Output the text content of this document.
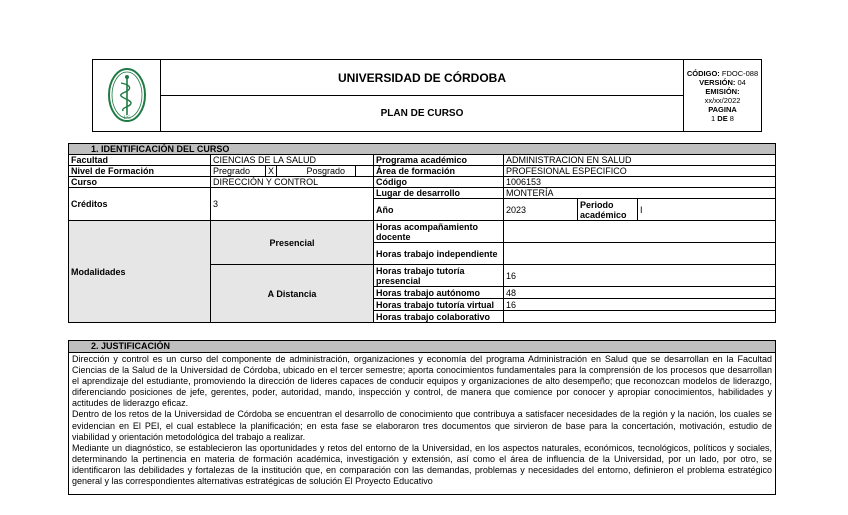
UC
	UNIVERSIDAD DE CÓRDOBA	CÓDIGO: FDOC-088
VERSIÓN: 04
EMISIÓN:
xx/xx/2022
PAGINA
1 DE 8

PLAN DE CURSO
1. IDENTIFICACIÓN DEL CURSO									
Facultad	CIENCIAS DE LA SALUD					Programa académico	ADMINISTRACION EN SALUD		
Nivel de Formación	Pregrado	X		Posgrado		Área de formación	PROFESIONAL ESPECIFICO		
Curso	DIRECCIÓN Y CONTROL					Código	1006153		
Créditos	3					Lugar de desarrollo	MONTERÍA		
						Año	2023	Periodo académico	I
Modalidades	Presencial					Horas acompañamiento docente			
						Horas trabajo independiente			
	A Distancia					Horas trabajo tutoría presencial	16		
						Horas trabajo autónomo	48		
						Horas trabajo tutoría virtual	16		
						Horas trabajo colaborativo			
2. JUSTIFICACIÓN

Dirección y control es un curso del componente de administración, organizaciones y economía del programa Administración en Salud que se desarrollan en la Facultad Ciencias de la Salud de la Universidad de Córdoba, ubicado en el tercer semestre; aporta conocimientos fundamentales para la comprensión de los procesos que desarrollan el aprendizaje del estudiante, promoviendo la dirección de lideres capaces de conducir equipos y organizaciones de alto desempeño; que reconozcan modelos de liderazgo, diferenciando posiciones de jefe, gerentes, poder, autoridad, mando, inspección y control, de manera que comience por conocer y apropiar conocimientos, habilidades y actitudes de liderazgo eficaz.

Dentro de los retos de la Universidad de Córdoba se encuentran el desarrollo de conocimiento que contribuya a satisfacer necesidades de la región y la nación, los cuales se evidencian en El PEI, el cual establece la planificación; en esta fase se elaboraron tres documentos que sirvieron de base para la concertación, motivación, estudio de viabilidad y orientación metodológica del trabajo a realizar.

Mediante un diagnóstico, se establecieron las oportunidades y retos del entorno de la Universidad, en los aspectos naturales, económicos, tecnológicos, políticos y sociales, determinando la pertinencia en materia de formación académica, investigación y extensión, así como el área de influencia de la Universidad, por un lado, por otro, se identificaron las debilidades y fortalezas de la institución que, en comparación con las demandas, problemas y necesidades del entorno, definieron el problema estratégico general y las correspondientes alternativas estratégicas de solución El Proyecto Educativo
